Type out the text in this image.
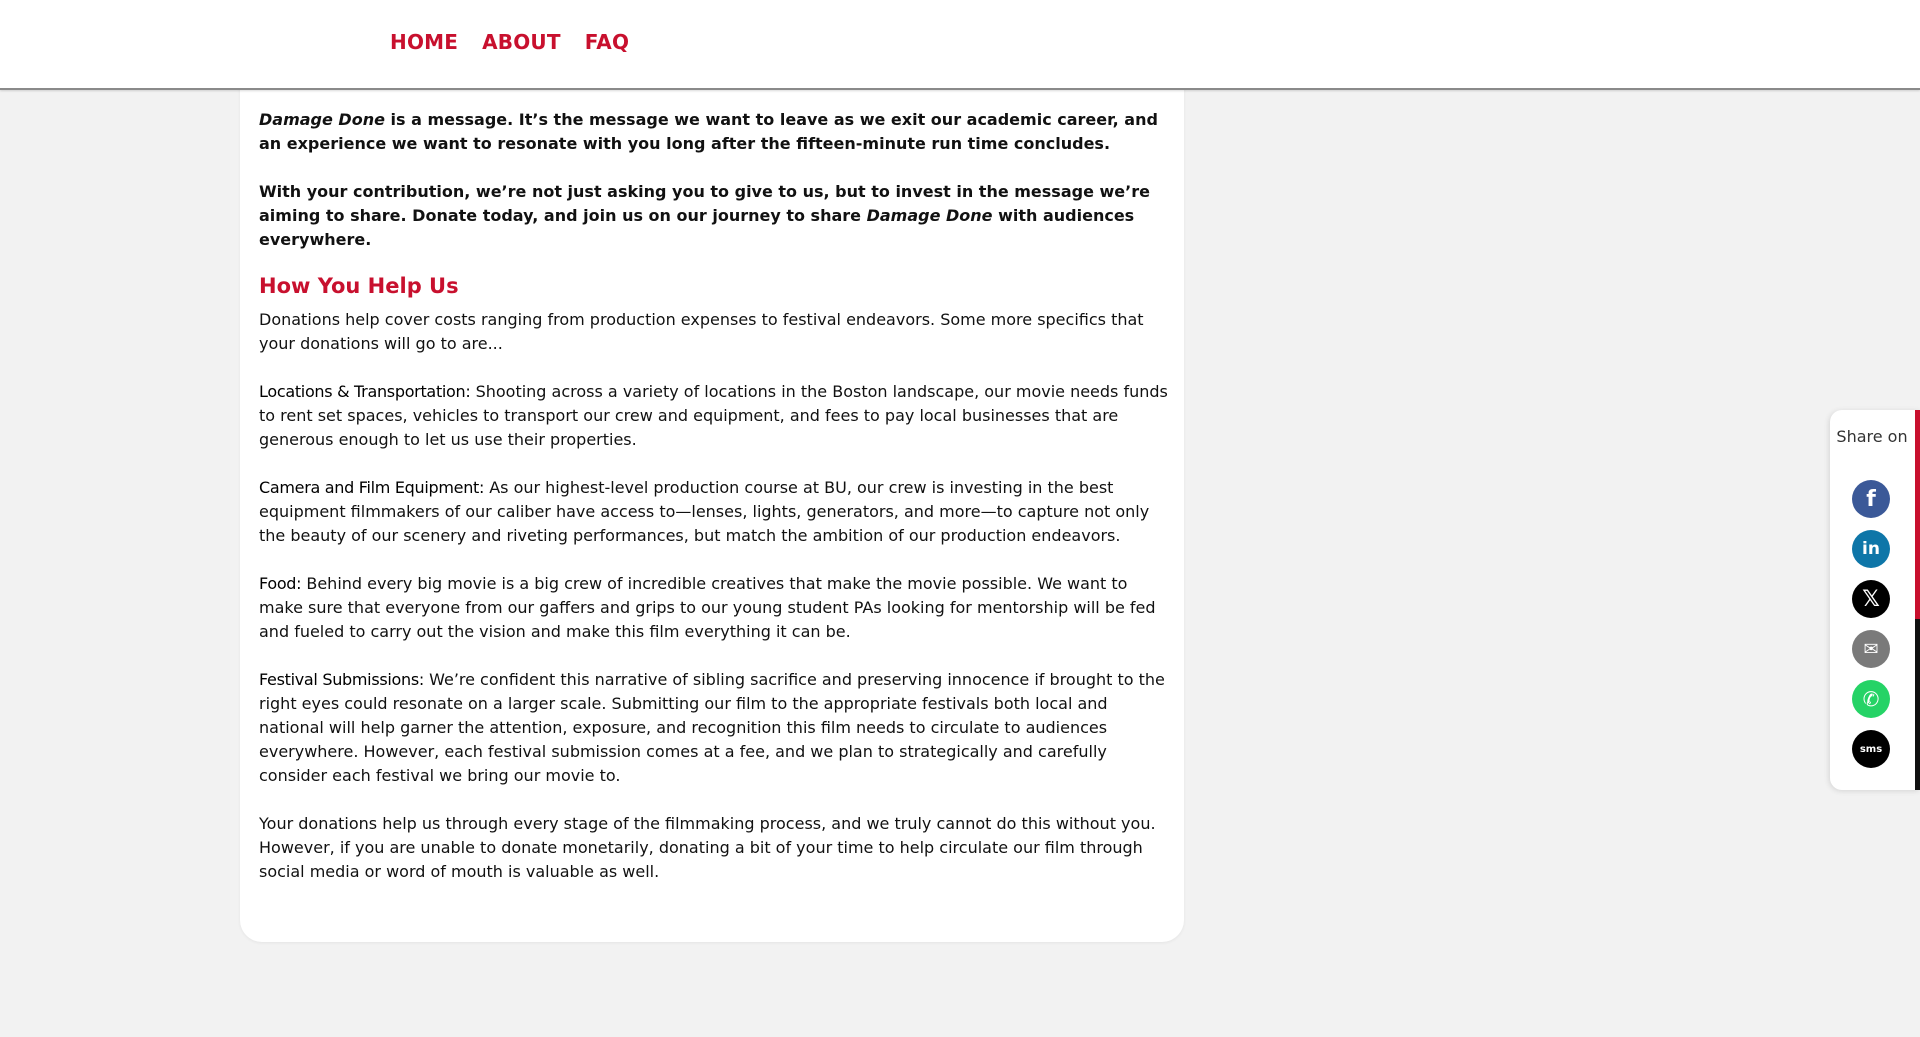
HOME ABOUT FAQ

Damage Done is a message. It’s the message we want to leave as we exit our academic career, and an experience we want to resonate with you long after the fifteen-minute run time concludes.

With your contribution, we’re not just asking you to give to us, but to invest in the message we’re aiming to share. Donate today, and join us on our journey to share Damage Done with audiences everywhere.

How You Help Us

Donations help cover costs ranging from production expenses to festival endeavors. Some more specifics that your donations will go to are...

Locations & Transportation: Shooting across a variety of locations in the Boston landscape, our movie needs funds to rent set spaces, vehicles to transport our crew and equipment, and fees to pay local businesses that are generous enough to let us use their properties.

Camera and Film Equipment: As our highest-level production course at BU, our crew is investing in the best equipment filmmakers of our caliber have access to—lenses, lights, generators, and more—to capture not only the beauty of our scenery and riveting performances, but match the ambition of our production endeavors.

Food: Behind every big movie is a big crew of incredible creatives that make the movie possible. We want to make sure that everyone from our gaffers and grips to our young student PAs looking for mentorship will be fed and fueled to carry out the vision and make this film everything it can be.

Festival Submissions: We’re confident this narrative of sibling sacrifice and preserving innocence if brought to the right eyes could resonate on a larger scale. Submitting our film to the appropriate festivals both local and national will help garner the attention, exposure, and recognition this film needs to circulate to audiences everywhere. However, each festival submission comes at a fee, and we plan to strategically and carefully consider each festival we bring our movie to.

Your donations help us through every stage of the filmmaking process, and we truly cannot do this without you. However, if you are unable to donate monetarily, donating a bit of your time to help circulate our film through social media or word of mouth is valuable as well.

Share on
f
in
𝕏
✉
✆
sms
